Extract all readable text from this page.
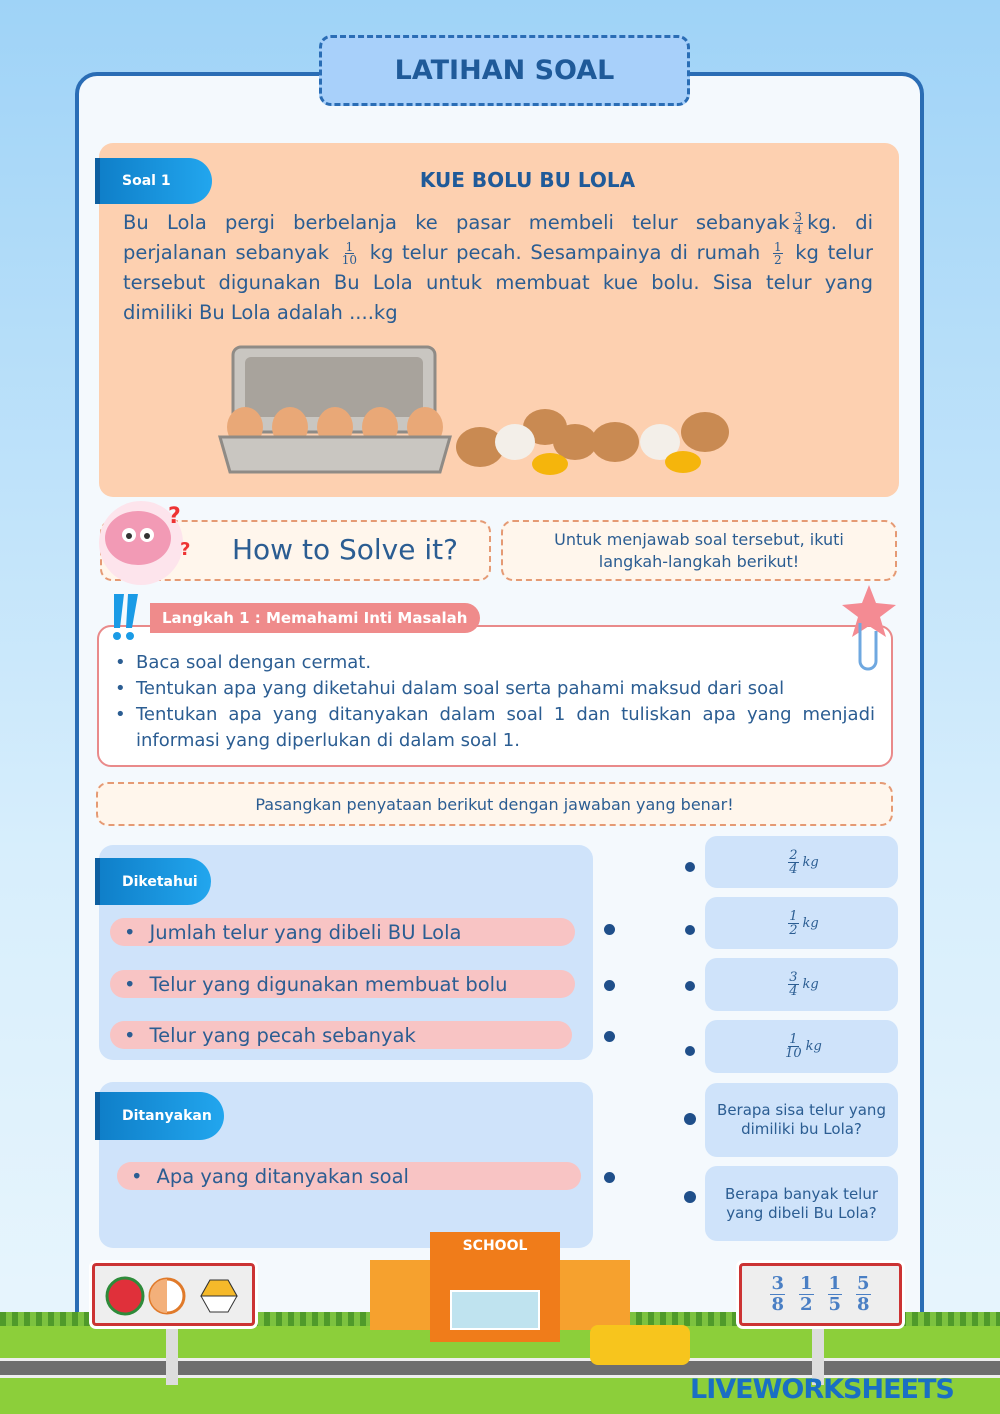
LATIHAN SOAL
Soal 1	KUE BOLU BU LOLA
Bu Lola pergi berbelanja ke pasar membeli telur sebanyak $\frac{3}{4}$ kg. di perjalanan sebanyak $\frac{1}{10}$ kg telur pecah. Sesampainya di rumah $\frac{1}{2}$ kg telur tersebut digunakan Bu Lola untuk membuat kue bolu. Sisa telur yang dimiliki Bu Lola adalah ....kg
How to Solve it?
?
?	Untuk menjawab soal tersebut, ikuti langkah-langkah berikut!
Langkah 1 : Memahami Inti Masalah
• Baca soal dengan cermat.
• Tentukan apa yang diketahui dalam soal serta pahami maksud dari soal
• Tentukan apa yang ditanyakan dalam soal 1 dan tuliskan apa yang menjadi informasi yang diperlukan di dalam soal 1.
Pasangkan penyataan berikut dengan jawaban yang benar!
Diketahui
• Jumlah telur yang dibeli BU Lola
• Telur yang digunakan membuat bolu
• Telur yang pecah sebanyak
Ditanyakan
• Apa yang ditanyakan soal
$\frac{2}{4}$ kg
$\frac{1}{2}$ kg
$\frac{3}{4}$ kg
$\frac{1}{10}$ kg
Berapa sisa telur yang dimiliki bu Lola?
Berapa banyak telur yang dibeli Bu Lola?
SCHOOL
$\frac{3}{8} \frac{1}{2} \frac{1}{5} \frac{5}{8}$
LIVEWORKSHEETS
